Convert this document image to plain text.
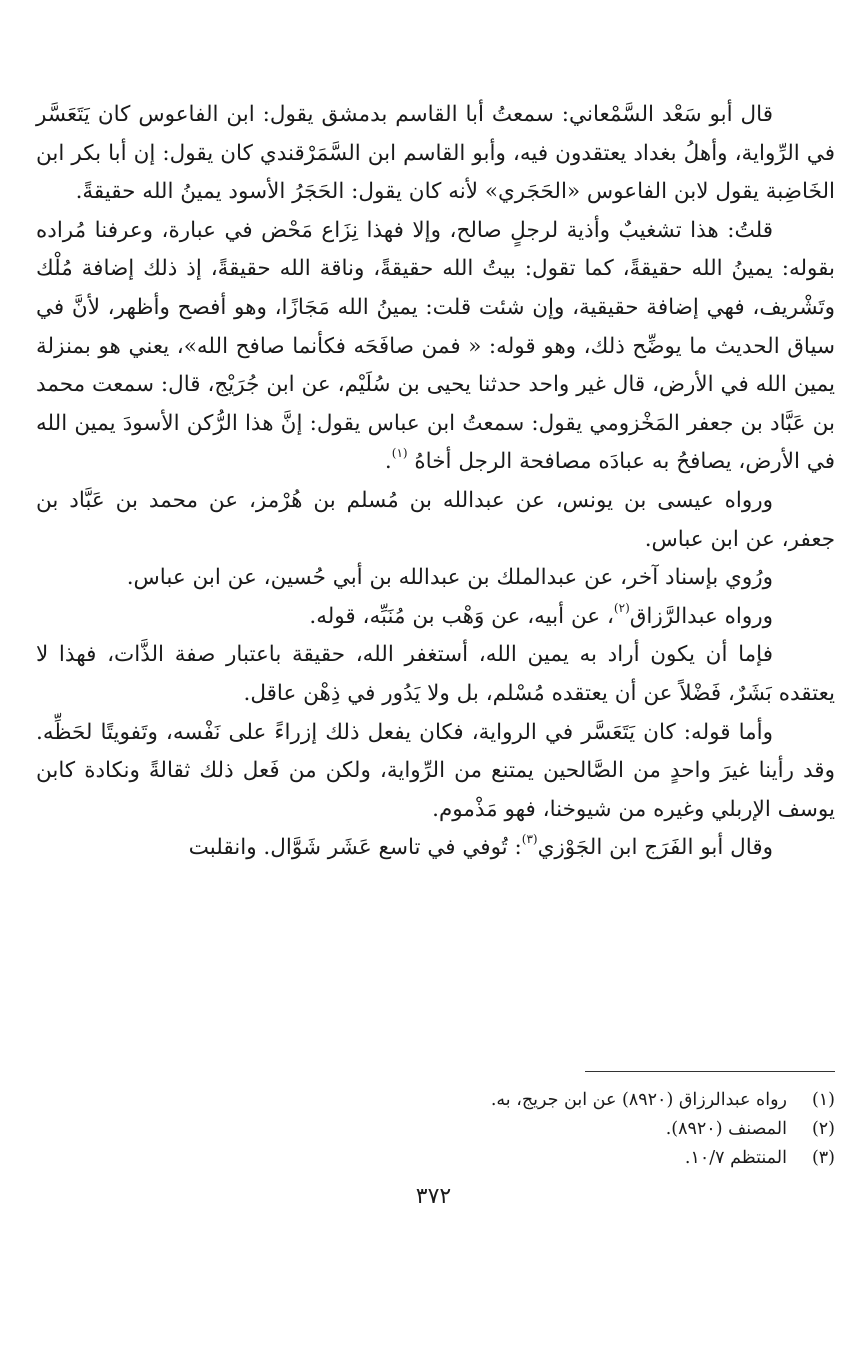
قال أبو سَعْد السَّمْعاني: سمعتُ أبا القاسم بدمشق يقول: ابن الفاعوس كان يَتَعَسَّر في الرِّواية، وأهلُ بغداد يعتقدون فيه، وأبو القاسم ابن السَّمَرْقندي كان يقول: إن أبا بكر ابن الخَاضِبة يقول لابن الفاعوس «الحَجَري» لأنه كان يقول: الحَجَرُ الأسود يمينُ الله حقيقةً.

قلتُ: هذا تشغيبٌ وأذية لرجلٍ صالح، وإلا فهذا نِزَاع مَحْض في عبارة، وعرفنا مُراده بقوله: يمينُ الله حقيقةً، كما تقول: بيتُ الله حقيقةً، وناقة الله حقيقةً، إذ ذلك إضافة مُلْك وتَشْريف، فهي إضافة حقيقية، وإن شئت قلت: يمينُ الله مَجَازًا، وهو أفصح وأظهر، لأنَّ في سياق الحديث ما يوضِّح ذلك، وهو قوله: « فمن صافَحَه فكأنما صافح الله»، يعني هو بمنزلة يمين الله في الأرض، قال غير واحد حدثنا يحيى بن سُلَيْم، عن ابن جُرَيْج، قال: سمعت محمد بن عَبَّاد بن جعفر المَخْزومي يقول: سمعتُ ابن عباس يقول: إنَّ هذا الرُّكن الأسودَ يمين الله في الأرض، يصافحُ به عبادَه مصافحة الرجل أخاهُ $^{(١)}$.

ورواه عيسى بن يونس، عن عبدالله بن مُسلم بن هُرْمز، عن محمد بن عَبَّاد بن جعفر، عن ابن عباس.

ورُوي بإسناد آخر، عن عبدالملك بن عبدالله بن أبي حُسين، عن ابن عباس.

ورواه عبدالرَّزاق$^{(٢)}$، عن أبيه، عن وَهْب بن مُنَبِّه، قوله.

فإما أن يكون أراد به يمين الله، أستغفر الله، حقيقة باعتبار صفة الذَّات، فهذا لا يعتقده بَشَرٌ، فَضْلاً عن أن يعتقده مُسْلم، بل ولا يَدُور في ذِهْن عاقل.

وأما قوله: كان يَتَعَسَّر في الرواية، فكان يفعل ذلك إزراءً على نَفْسه، وتَفويتًا لحَظِّه. وقد رأينا غيرَ واحدٍ من الصَّالحين يمتنع من الرِّواية، ولكن من فَعل ذلك ثقالةً ونكادة كابن يوسف الإربلي وغيره من شيوخنا، فهو مَذْموم.

وقال أبو الفَرَج ابن الجَوْزي$^{(٣)}$: تُوفي في تاسع عَشَر شَوَّال. وانقلبت

(١)
رواه عبدالرزاق (٨٩٢٠) عن ابن جريج، به.
(٢)
المصنف (٨٩٢٠).
(٣)
المنتظم ١٠/٧.
٣٧٢
